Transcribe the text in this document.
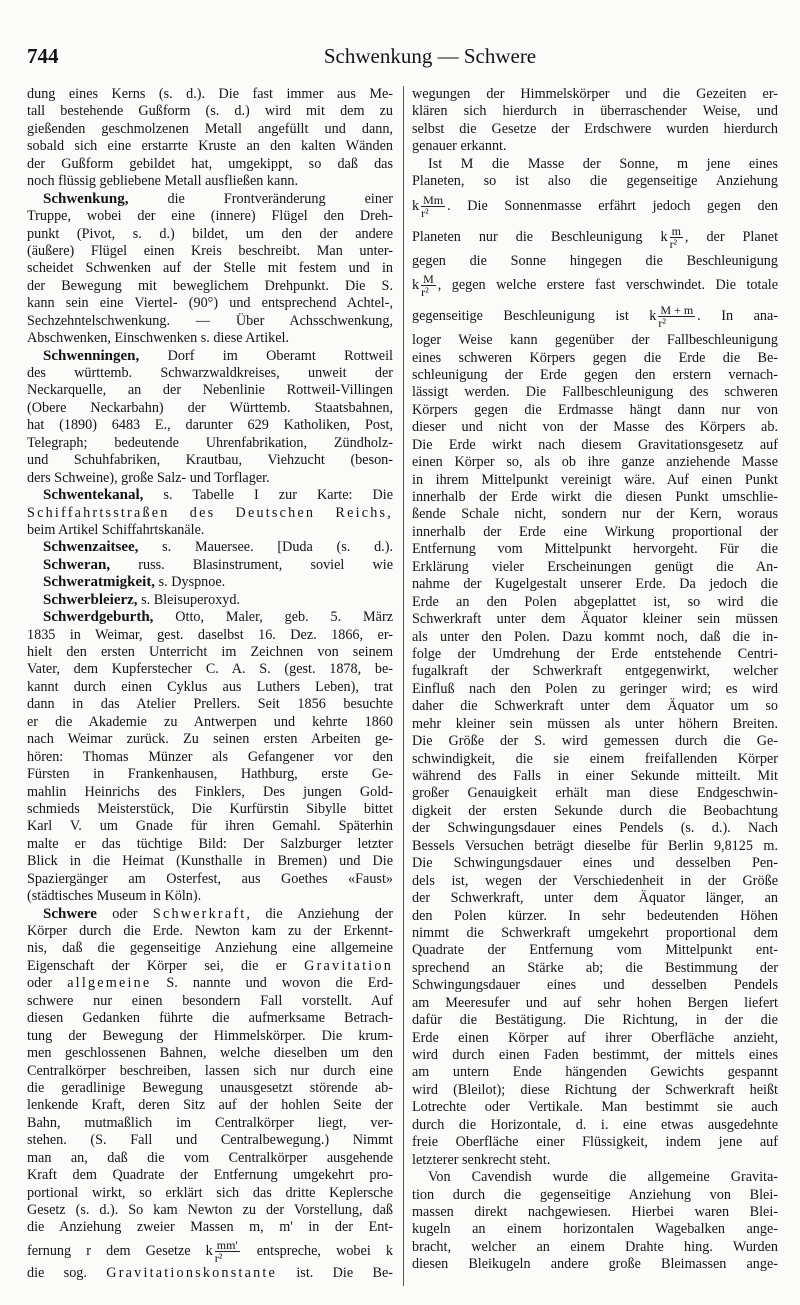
744	Schwenkung — Schwere
dung eines Kerns (s. d.). Die fast immer aus Me-
tall bestehende Gußform (s. d.) wird mit dem zu
gießenden geschmolzenen Metall angefüllt und dann,
sobald sich eine erstarrte Kruste an den kalten Wänden
der Gußform gebildet hat, umgekippt, so daß das
noch flüssig gebliebene Metall ausfließen kann.
Schwenkung, die Frontveränderung einer
Truppe, wobei der eine (innere) Flügel den Dreh-
punkt (Pivot, s. d.) bildet, um den der andere
(äußere) Flügel einen Kreis beschreibt. Man unter-
scheidet Schwenken auf der Stelle mit festem und in
der Bewegung mit beweglichem Drehpunkt. Die S.
kann sein eine Viertel- (90°) und entsprechend Achtel-,
Sechzehntelschwenkung. — Über Achsschwenkung,
Abschwenken, Einschwenken s. diese Artikel.
Schwenningen, Dorf im Oberamt Rottweil
des württemb. Schwarzwaldkreises, unweit der
Neckarquelle, an der Nebenlinie Rottweil-Villingen
(Obere Neckarbahn) der Württemb. Staatsbahnen,
hat (1890) 6483 E., darunter 629 Katholiken, Post,
Telegraph; bedeutende Uhrenfabrikation, Zündholz-
und Schuhfabriken, Krautbau, Viehzucht (beson-
ders Schweine), große Salz- und Torflager.
Schwentekanal, s. Tabelle I zur Karte: Die
Schiffahrtsstraßen des Deutschen Reichs,
beim Artikel Schiffahrtskanäle.
Schwenzaitsee, s. Mauersee. [Duda (s. d.).
Schweran, russ. Blasinstrument, soviel wie
Schweratmigkeit, s. Dyspnoe.
Schwerbleierz, s. Bleisuperoxyd.
Schwerdgeburth, Otto, Maler, geb. 5. März
1835 in Weimar, gest. daselbst 16. Dez. 1866, er-
hielt den ersten Unterricht im Zeichnen von seinem
Vater, dem Kupferstecher C. A. S. (gest. 1878, be-
kannt durch einen Cyklus aus Luthers Leben), trat
dann in das Atelier Prellers. Seit 1856 besuchte
er die Akademie zu Antwerpen und kehrte 1860
nach Weimar zurück. Zu seinen ersten Arbeiten ge-
hören: Thomas Münzer als Gefangener vor den
Fürsten in Frankenhausen, Hathburg, erste Ge-
mahlin Heinrichs des Finklers, Des jungen Gold-
schmieds Meisterstück, Die Kurfürstin Sibylle bittet
Karl V. um Gnade für ihren Gemahl. Späterhin
malte er das tüchtige Bild: Der Salzburger letzter
Blick in die Heimat (Kunsthalle in Bremen) und Die
Spaziergänger am Osterfest, aus Goethes «Faust»
(städtisches Museum in Köln).
Schwere oder Schwerkraft, die Anziehung der
Körper durch die Erde. Newton kam zu der Erkennt-
nis, daß die gegenseitige Anziehung eine allgemeine
Eigenschaft der Körper sei, die er Gravitation
oder allgemeine S. nannte und wovon die Erd-
schwere nur einen besondern Fall vorstellt. Auf
diesen Gedanken führte die aufmerksame Betrach-
tung der Bewegung der Himmelskörper. Die krum-
men geschlossenen Bahnen, welche dieselben um den
Centralkörper beschreiben, lassen sich nur durch eine
die geradlinige Bewegung unausgesetzt störende ab-
lenkende Kraft, deren Sitz auf der hohlen Seite der
Bahn, mutmaßlich im Centralkörper liegt, ver-
stehen. (S. Fall und Centralbewegung.) Nimmt
man an, daß die vom Centralkörper ausgehende
Kraft dem Quadrate der Entfernung umgekehrt pro-
portional wirkt, so erklärt sich das dritte Keplersche
Gesetz (s. d.). So kam Newton zu der Vorstellung, daß
die Anziehung zweier Massen m, m' in der Ent-
fernung r dem Gesetze k $\frac{mm'}{\text{r²}}$ entspreche, wobei k
die sog. Gravitationskonstante ist. Die Be-
wegungen der Himmelskörper und die Gezeiten er-
klären sich hierdurch in überraschender Weise, und
selbst die Gesetze der Erdschwere wurden hierdurch
genauer erkannt.
Ist M die Masse der Sonne, m jene eines
Planeten, so ist also die gegenseitige Anziehung
k $\frac{Mm}{\text{r²}}$ . Die Sonnenmasse erfährt jedoch gegen den
Planeten nur die Beschleunigung k $\frac{m}{\text{r²}}$ , der Planet
gegen die Sonne hingegen die Beschleunigung
k $\frac{M}{\text{r²}}$ , gegen welche erstere fast verschwindet. Die totale
gegenseitige Beschleunigung ist k $\frac{M + m}{\text{r²}}$ . In ana-
loger Weise kann gegenüber der Fallbeschleunigung
eines schweren Körpers gegen die Erde die Be-
schleunigung der Erde gegen den erstern vernach-
lässigt werden. Die Fallbeschleunigung des schweren
Körpers gegen die Erdmasse hängt dann nur von
dieser und nicht von der Masse des Körpers ab.
Die Erde wirkt nach diesem Gravitationsgesetz auf
einen Körper so, als ob ihre ganze anziehende Masse
in ihrem Mittelpunkt vereinigt wäre. Auf einen Punkt
innerhalb der Erde wirkt die diesen Punkt umschlie-
ßende Schale nicht, sondern nur der Kern, woraus
innerhalb der Erde eine Wirkung proportional der
Entfernung vom Mittelpunkt hervorgeht. Für die
Erklärung vieler Erscheinungen genügt die An-
nahme der Kugelgestalt unserer Erde. Da jedoch die
Erde an den Polen abgeplattet ist, so wird die
Schwerkraft unter dem Äquator kleiner sein müssen
als unter den Polen. Dazu kommt noch, daß die in-
folge der Umdrehung der Erde entstehende Centri-
fugalkraft der Schwerkraft entgegenwirkt, welcher
Einfluß nach den Polen zu geringer wird; es wird
daher die Schwerkraft unter dem Äquator um so
mehr kleiner sein müssen als unter höhern Breiten.
Die Größe der S. wird gemessen durch die Ge-
schwindigkeit, die sie einem freifallenden Körper
während des Falls in einer Sekunde mitteilt. Mit
großer Genauigkeit erhält man diese Endgeschwin-
digkeit der ersten Sekunde durch die Beobachtung
der Schwingungsdauer eines Pendels (s. d.). Nach
Bessels Versuchen beträgt dieselbe für Berlin 9,8125 m.
Die Schwingungsdauer eines und desselben Pen-
dels ist, wegen der Verschiedenheit in der Größe
der Schwerkraft, unter dem Äquator länger, an
den Polen kürzer. In sehr bedeutenden Höhen
nimmt die Schwerkraft umgekehrt proportional dem
Quadrate der Entfernung vom Mittelpunkt ent-
sprechend an Stärke ab; die Bestimmung der
Schwingungsdauer eines und desselben Pendels
am Meeresufer und auf sehr hohen Bergen liefert
dafür die Bestätigung. Die Richtung, in der die
Erde einen Körper auf ihrer Oberfläche anzieht,
wird durch einen Faden bestimmt, der mittels eines
am untern Ende hängenden Gewichts gespannt
wird (Bleilot); diese Richtung der Schwerkraft heißt
Lotrechte oder Vertikale. Man bestimmt sie auch
durch die Horizontale, d. i. eine etwas ausgedehnte
freie Oberfläche einer Flüssigkeit, indem jene auf
letzterer senkrecht steht.
Von Cavendish wurde die allgemeine Gravita-
tion durch die gegenseitige Anziehung von Blei-
massen direkt nachgewiesen. Hierbei waren Blei-
kugeln an einem horizontalen Wagebalken ange-
bracht, welcher an einem Drahte hing. Wurden
diesen Bleikugeln andere große Bleimassen ange-
